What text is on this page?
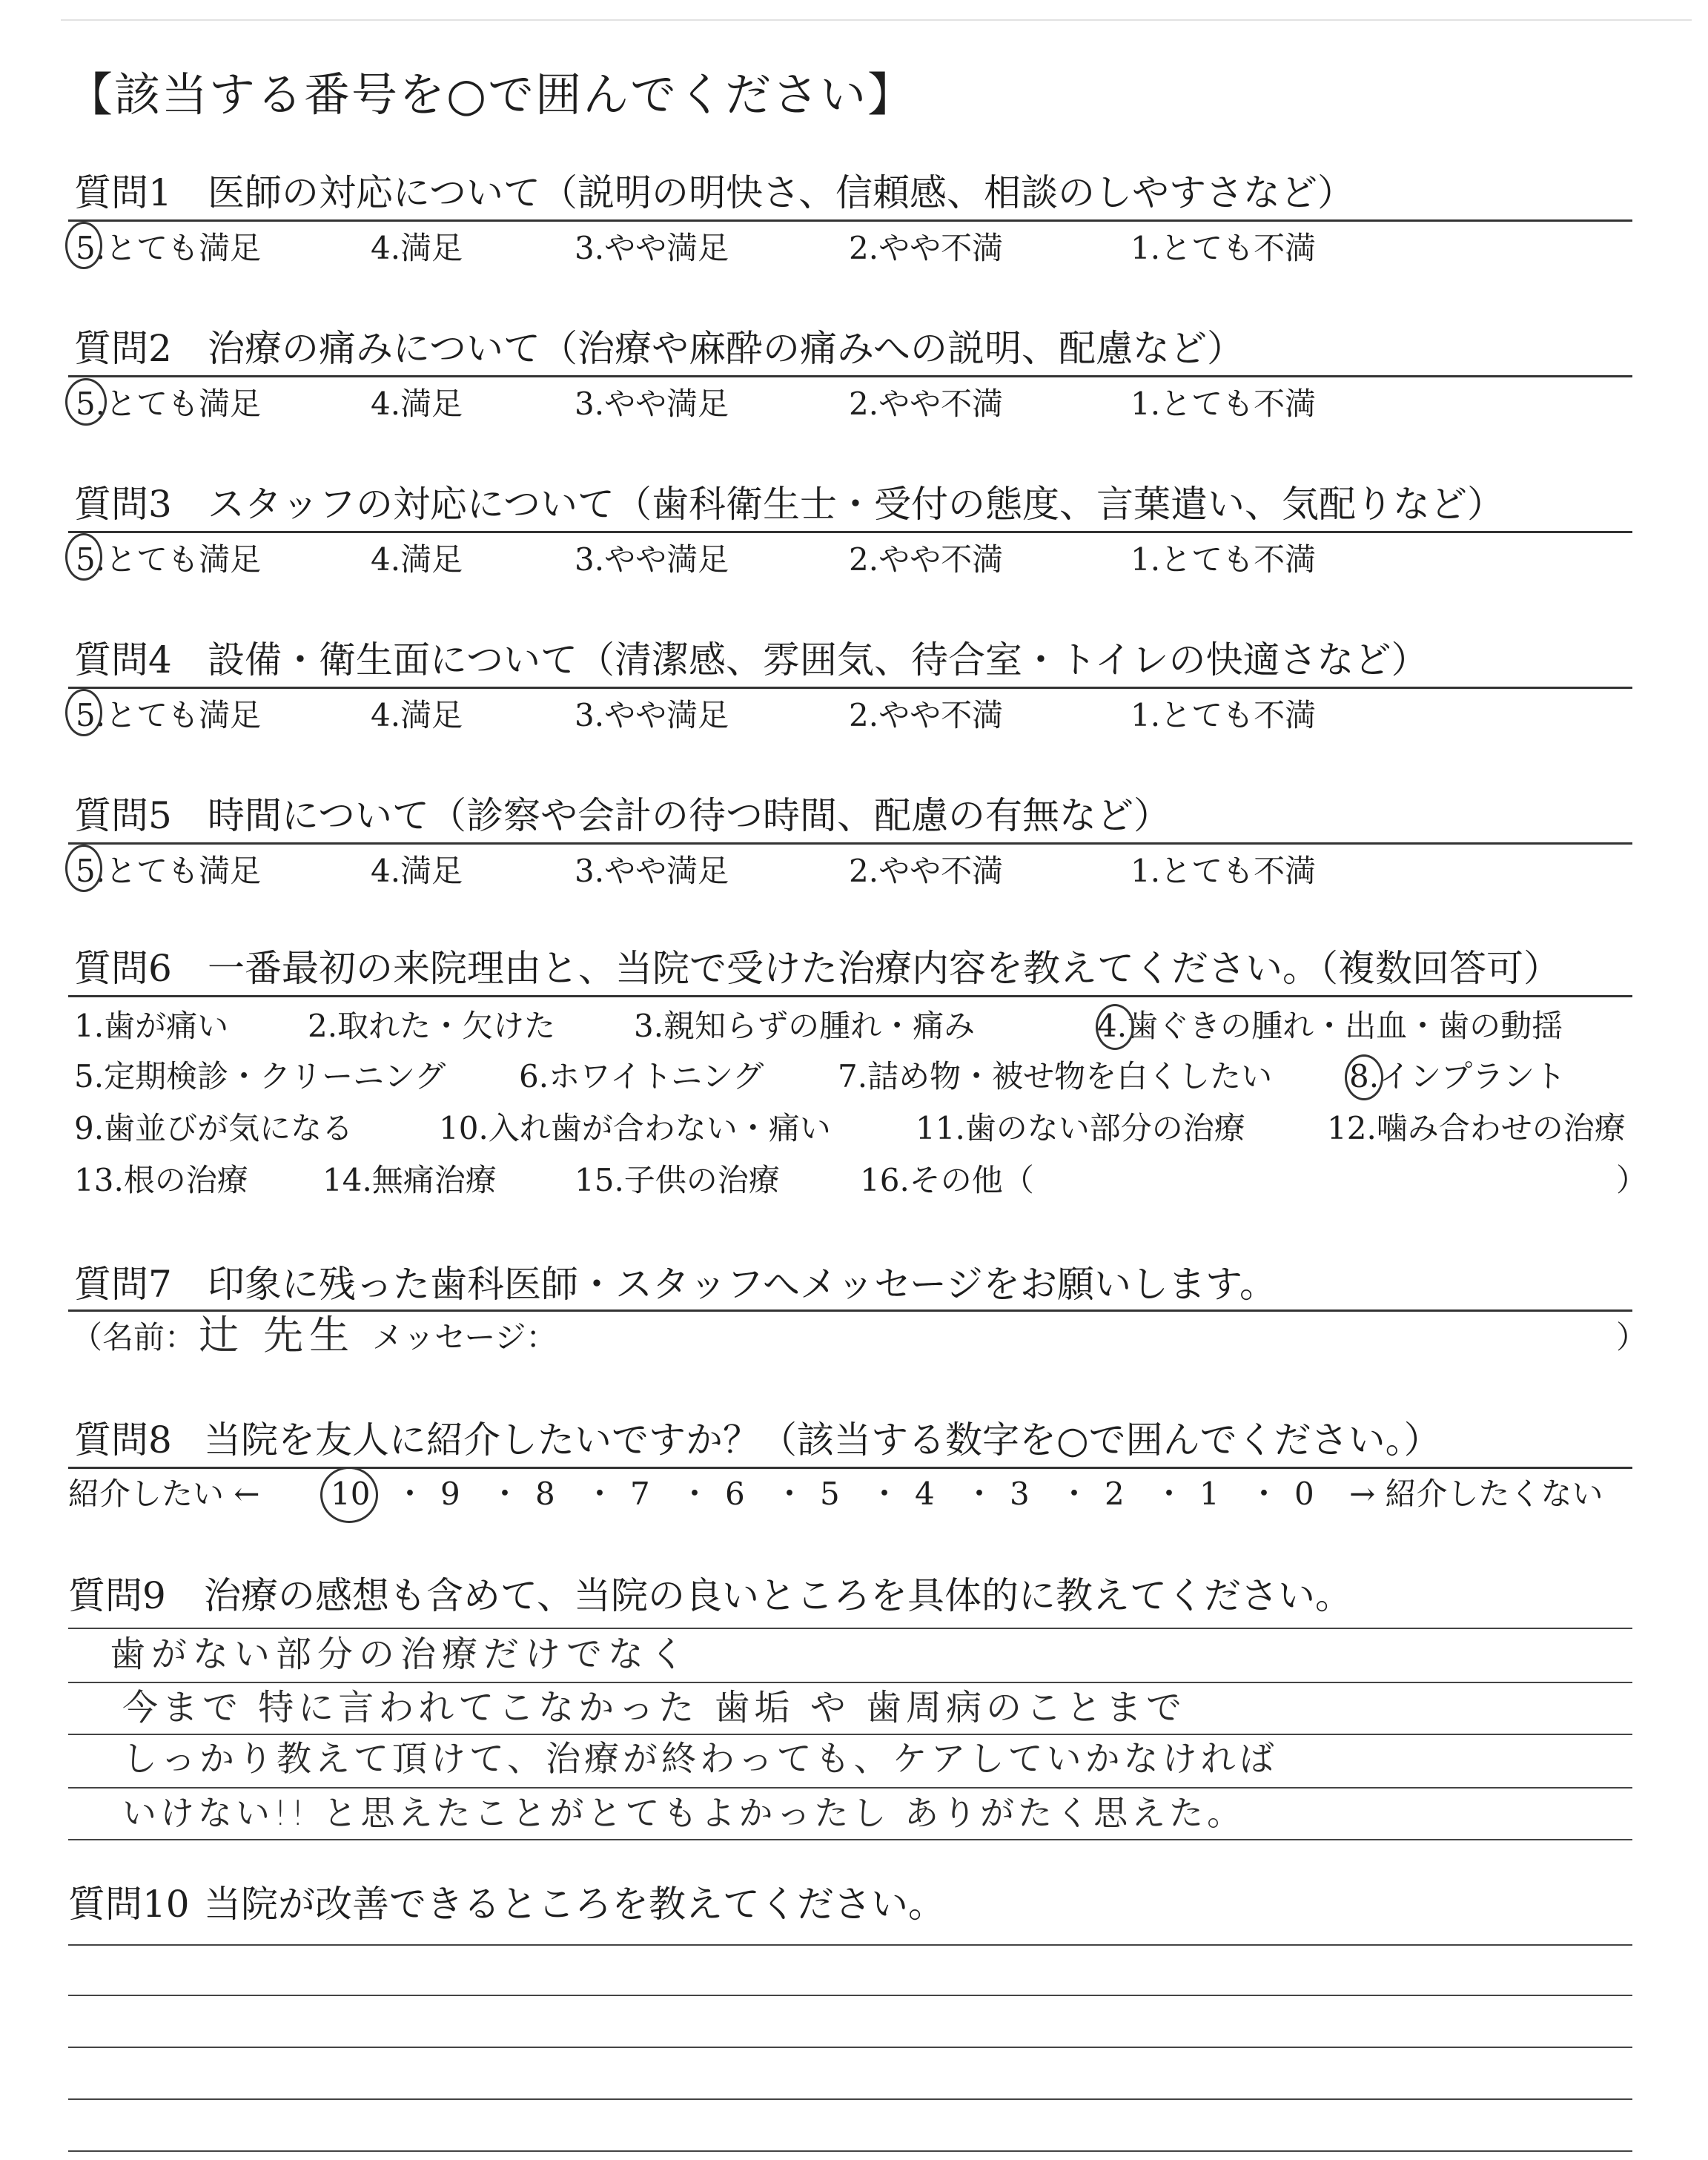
【該当する番号を○で囲んでください】
質問1 医師の対応について（説明の明快さ、信頼感、相談のしやすさなど）
5.とても満足	4.満足	3.やや満足	2.やや不満	1.とても不満
質問2 治療の痛みについて（治療や麻酔の痛みへの説明、配慮など）
5.とても満足	4.満足	3.やや満足	2.やや不満	1.とても不満
質問3 スタッフの対応について（歯科衛生士・受付の態度、言葉遣い、気配りなど）
5.とても満足	4.満足	3.やや満足	2.やや不満	1.とても不満
質問4 設備・衛生面について（清潔感、雰囲気、待合室・トイレの快適さなど）
5.とても満足	4.満足	3.やや満足	2.やや不満	1.とても不満
質問5 時間について（診察や会計の待つ時間、配慮の有無など）
5.とても満足	4.満足	3.やや満足	2.やや不満	1.とても不満
質問6 一番最初の来院理由と、当院で受けた治療内容を教えてください。（複数回答可）
1.歯が痛い	2.取れた・欠けた	3.親知らずの腫れ・痛み	4.歯ぐきの腫れ・出血・歯の動揺
5.定期検診・クリーニング 6.ホワイトニング 7.詰め物・被せ物を白くしたい 8.インプラント
9.歯並びが気になる	10.入れ歯が合わない・痛い	11.歯のない部分の治療	12.噛み合わせの治療
13.根の治療 14.無痛治療	15.子供の治療	16.その他（	）
質問7 印象に残った歯科医師・スタッフへメッセージをお願いします。
（名前： 辻 先生 メッセージ：	）
質問8 当院を友人に紹介したいですか？（該当する数字を○で囲んでください。）
紹介したい ← 10 ・ 9 ・ 8 ・ 7 ・ 6 ・ 5 ・ 4 ・ 3 ・ 2 ・ 1 ・ 0 → 紹介したくない
質問9 治療の感想も含めて、当院の良いところを具体的に教えてください。
歯がない部分の治療だけでなく
今まで 特に言われてこなかった 歯垢 や 歯周病のことまで
しっかり教えて頂けて、治療が終わっても、ケアしていかなければ
いけない!! と思えたことがとてもよかったし ありがたく思えた。
質問10 当院が改善できるところを教えてください。
